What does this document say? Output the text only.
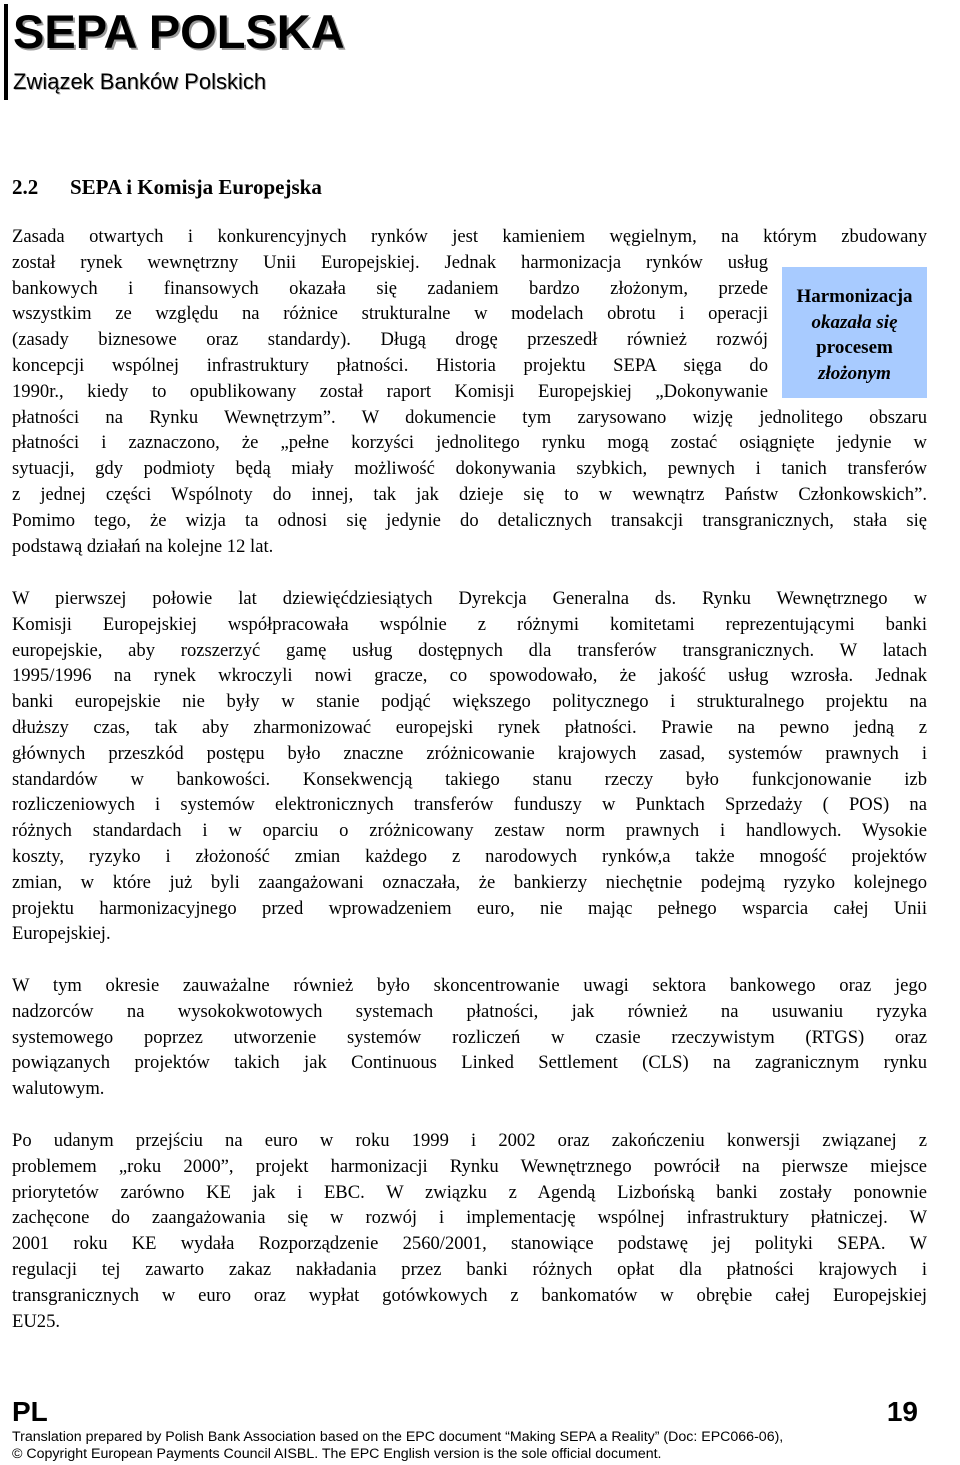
SEPA POLSKA
Związek Banków Polskich
2.2 SEPA i Komisja Europejska
Harmonizacja
okazała się
procesem
złożonym
Zasada otwartych i konkurencyjnych rynków jest kamieniem węgielnym, na którym zbudowany
został rynek wewnętrzny Unii Europejskiej. Jednak harmonizacja rynków usług
bankowych i finansowych okazała się zadaniem bardzo złożonym, przede
wszystkim ze względu na różnice strukturalne w modelach obrotu i operacji
(zasady biznesowe oraz standardy). Długą drogę przeszedł również rozwój
koncepcji wspólnej infrastruktury płatności. Historia projektu SEPA sięga do
1990r., kiedy to opublikowany został raport Komisji Europejskiej „Dokonywanie
płatności na Rynku Wewnętrzym”. W dokumencie tym zarysowano wizję jednolitego obszaru
płatności i zaznaczono, że „pełne korzyści jednolitego rynku mogą zostać osiągnięte jedynie w
sytuacji, gdy podmioty będą miały możliwość dokonywania szybkich, pewnych i tanich transferów
z jednej części Wspólnoty do innej, tak jak dzieje się to w wewnątrz Państw Członkowskich”.
Pomimo tego, że wizja ta odnosi się jedynie do detalicznych transakcji transgranicznych, stała się
podstawą działań na kolejne 12 lat.
W pierwszej połowie lat dziewięćdziesiątych Dyrekcja Generalna ds. Rynku Wewnętrznego w
Komisji Europejskiej współpracowała wspólnie z różnymi komitetami reprezentującymi banki
europejskie, aby rozszerzyć gamę usług dostępnych dla transferów transgranicznych. W latach
1995/1996 na rynek wkroczyli nowi gracze, co spowodowało, że jakość usług wzrosła. Jednak
banki europejskie nie były w stanie podjąć większego politycznego i strukturalnego projektu na
dłuższy czas, tak aby zharmonizować europejski rynek płatności. Prawie na pewno jedną z
głównych przeszkód postępu było znaczne zróżnicowanie krajowych zasad, systemów prawnych i
standardów w bankowości. Konsekwencją takiego stanu rzeczy było funkcjonowanie izb
rozliczeniowych i systemów elektronicznych transferów funduszy w Punktach Sprzedaży ( POS) na
różnych standardach i w oparciu o zróżnicowany zestaw norm prawnych i handlowych. Wysokie
koszty, ryzyko i złożoność zmian każdego z narodowych rynków,a także mnogość projektów
zmian, w które już byli zaangażowani oznaczała, że bankierzy niechętnie podejmą ryzyko kolejnego
projektu harmonizacyjnego przed wprowadzeniem euro, nie mając pełnego wsparcia całej Unii
Europejskiej.
W tym okresie zauważalne również było skoncentrowanie uwagi sektora bankowego oraz jego
nadzorców na wysokokwotowych systemach płatności, jak również na usuwaniu ryzyka
systemowego poprzez utworzenie systemów rozliczeń w czasie rzeczywistym (RTGS) oraz
powiązanych projektów takich jak Continuous Linked Settlement (CLS) na zagranicznym rynku
walutowym.
Po udanym przejściu na euro w roku 1999 i 2002 oraz zakończeniu konwersji związanej z
problemem „roku 2000”, projekt harmonizacji Rynku Wewnętrznego powrócił na pierwsze miejsce
priorytetów zarówno KE jak i EBC. W związku z Agendą Lizbońską banki zostały ponownie
zachęcone do zaangażowania się w rozwój i implementację wspólnej infrastruktury płatniczej. W
2001 roku KE wydała Rozporządzenie 2560/2001, stanowiące podstawę jej polityki SEPA. W
regulacji tej zawarto zakaz nakładania przez banki różnych opłat dla płatności krajowych i
transgranicznych w euro oraz wypłat gotówkowych z bankomatów w obrębie całej Europejskiej
EU25.
PL	19
Translation prepared by Polish Bank Association based on the EPC document “Making SEPA a Reality” (Doc: EPC066-06),
© Copyright European Payments Council AISBL. The EPC English version is the sole official document.
